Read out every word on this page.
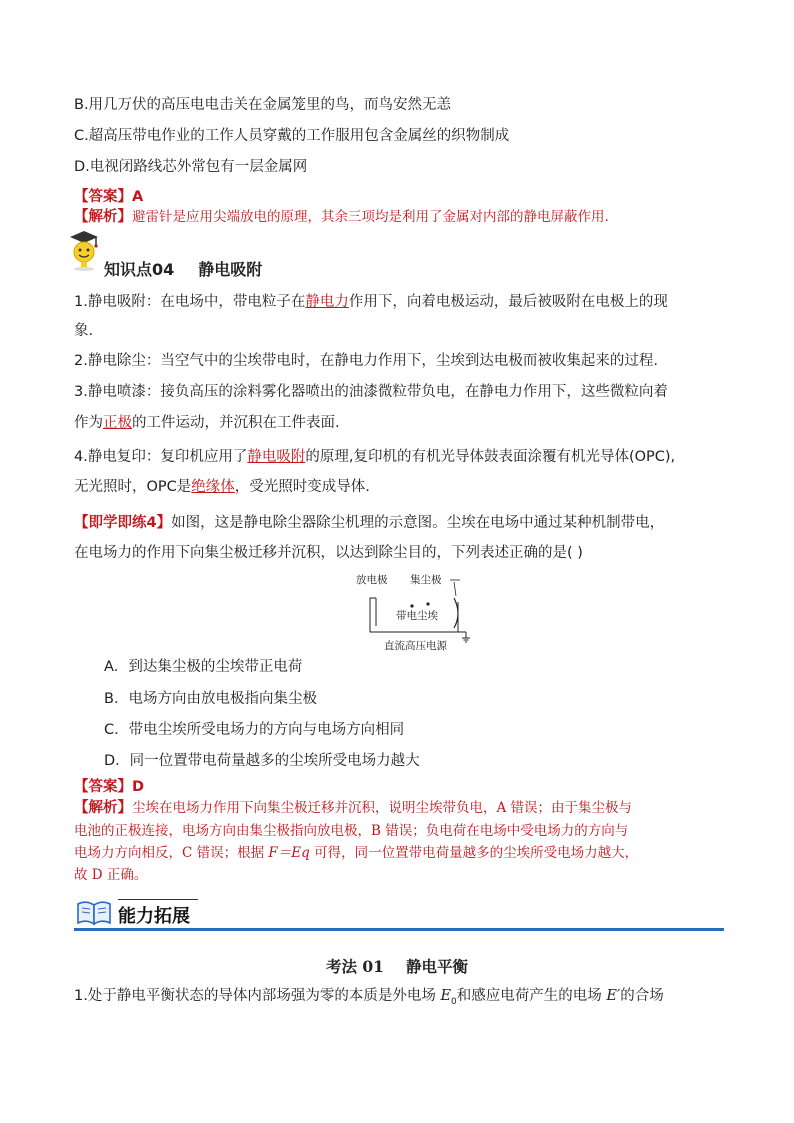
B.用几万伏的高压电电击关在金属笼里的鸟，而鸟安然无恙
C.超高压带电作业的工作人员穿戴的工作服用包含金属丝的织物制成
D.电视闭路线芯外常包有一层金属网
【答案】A
【解析】避雷针是应用尖端放电的原理，其余三项均是利用了金属对内部的静电屏蔽作用.
知识点04 静电吸附
1.静电吸附：在电场中，带电粒子在静电力作用下，向着电极运动，最后被吸附在电极上的现
象.
2.静电除尘：当空气中的尘埃带电时，在静电力作用下，尘埃到达电极而被收集起来的过程.
3.静电喷漆：接负高压的涂料雾化器喷出的油漆微粒带负电，在静电力作用下，这些微粒向着
作为正极的工件运动，并沉积在工件表面.
4.静电复印：复印机应用了静电吸附的原理,复印机的有机光导体鼓表面涂覆有机光导体(OPC),
无光照时，OPC是绝缘体，受光照时变成导体.
【即学即练4】如图，这是静电除尘器除尘机理的示意图。尘埃在电场中通过某种机制带电，
在电场力的作用下向集尘极迁移并沉积，以达到除尘目的，下列表述正确的是( )
放电极 集尘极
带电尘埃
直流高压电源
A．到达集尘极的尘埃带正电荷
B．电场方向由放电极指向集尘极
C．带电尘埃所受电场力的方向与电场方向相同
D．同一位置带电荷量越多的尘埃所受电场力越大
【答案】D
【解析】尘埃在电场力作用下向集尘极迁移并沉积，说明尘埃带负电，A 错误；由于集尘极与
电池的正极连接，电场方向由集尘极指向放电极，B 错误；负电荷在电场中受电场力的方向与
电场力方向相反，C 错误；根据 F＝Eq 可得，同一位置带电荷量越多的尘埃所受电场力越大，
故 D 正确。
能力拓展
考法 01 静电平衡
1.处于静电平衡状态的导体内部场强为零的本质是外电场 $E_0$和感应电荷产生的电场 E′的合场
